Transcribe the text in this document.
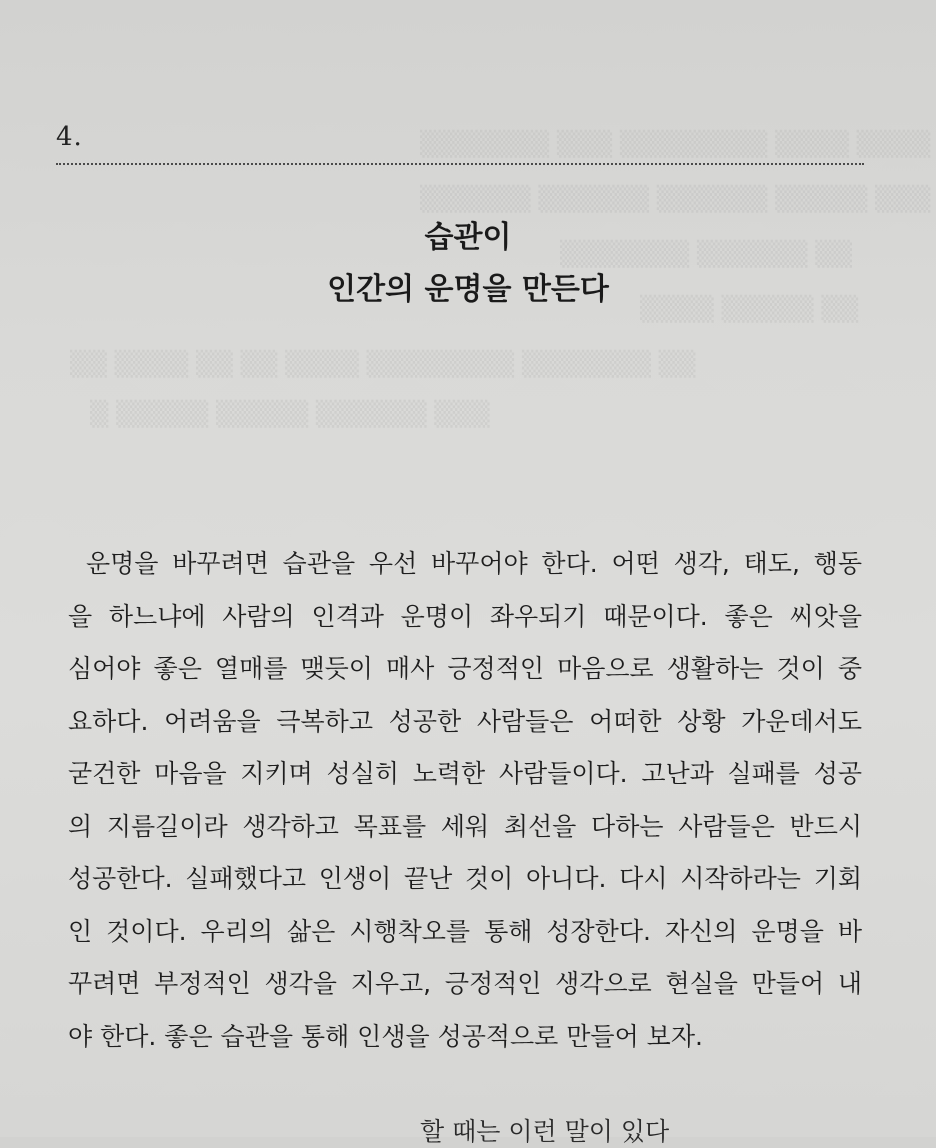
▒▒▒▒▒▒▒ ▒▒▒ ▒▒▒▒▒▒▒▒ ▒▒▒▒ ▒▒▒▒
▒▒▒▒▒▒ ▒▒▒▒▒▒ ▒▒▒▒▒▒ ▒▒▒▒▒ ▒▒▒
▒▒▒▒▒▒▒ ▒▒▒▒▒▒ ▒▒
▒▒▒▒ ▒▒▒▒▒ ▒▒
▒▒ ▒▒▒▒ ▒▒ ▒▒ ▒▒▒▒ ▒▒▒▒▒▒▒▒ ▒▒▒▒▒▒▒ ▒▒
▒ ▒▒▒▒▒ ▒▒▒▒▒ ▒▒▒▒▒▒ ▒▒▒
4.
습관이
인간의 운명을 만든다
운명을 바꾸려면 습관을 우선 바꾸어야 한다. 어떤 생각, 태도, 행동
을 하느냐에 사람의 인격과 운명이 좌우되기 때문이다. 좋은 씨앗을
심어야 좋은 열매를 맺듯이 매사 긍정적인 마음으로 생활하는 것이 중
요하다. 어려움을 극복하고 성공한 사람들은 어떠한 상황 가운데서도
굳건한 마음을 지키며 성실히 노력한 사람들이다. 고난과 실패를 성공
의 지름길이라 생각하고 목표를 세워 최선을 다하는 사람들은 반드시
성공한다. 실패했다고 인생이 끝난 것이 아니다. 다시 시작하라는 기회
인 것이다. 우리의 삶은 시행착오를 통해 성장한다. 자신의 운명을 바
꾸려면 부정적인 생각을 지우고, 긍정적인 생각으로 현실을 만들어 내
야 한다. 좋은 습관을 통해 인생을 성공적으로 만들어 보자.
할 때는 이런 말이 있다
